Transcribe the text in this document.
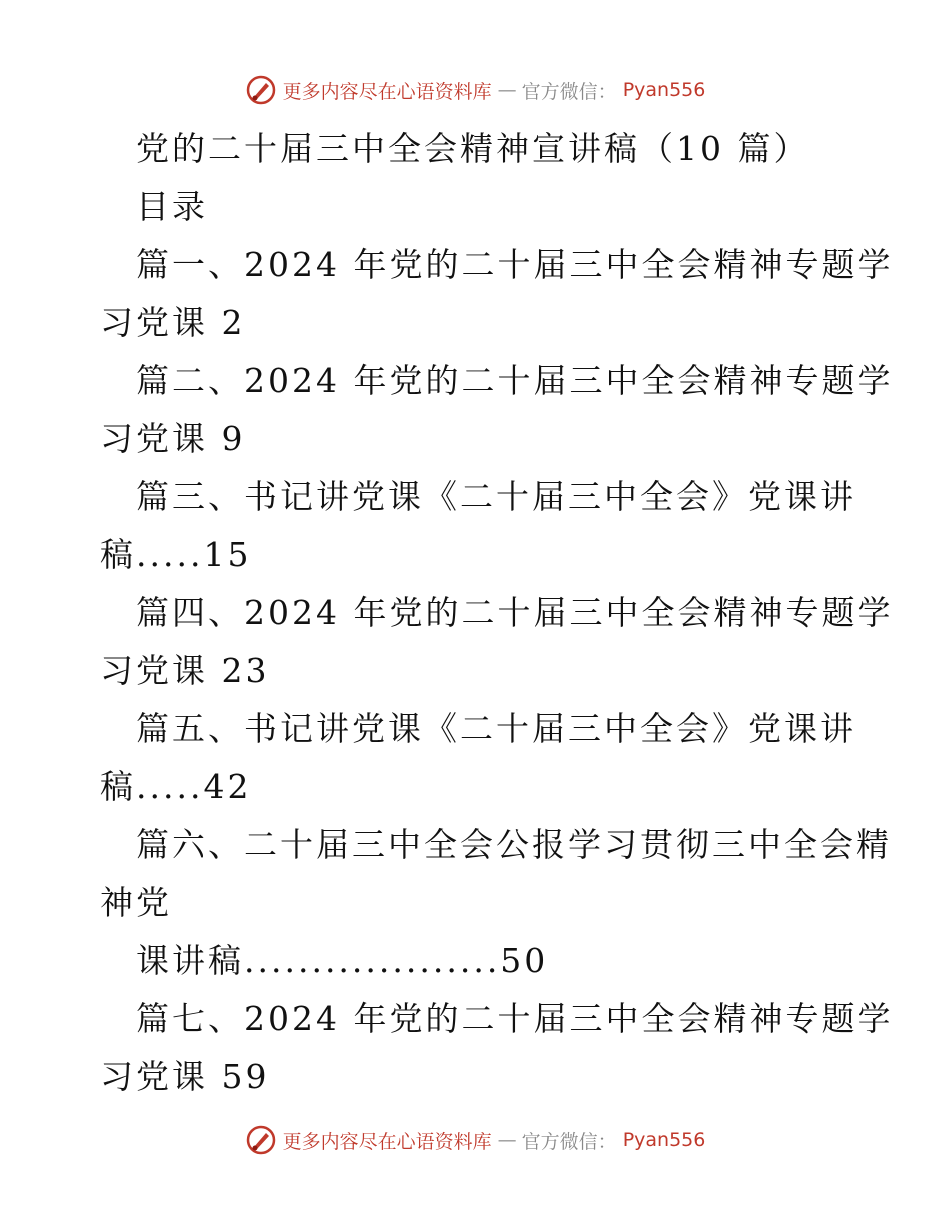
更多内容尽在心语资料库 — 官方微信： Pyan556
党的二十届三中全会精神宣讲稿（10 篇）
目录
篇一、2024 年党的二十届三中全会精神专题学
习党课 2
篇二、2024 年党的二十届三中全会精神专题学
习党课 9
篇三、书记讲党课《二十届三中全会》党课讲
稿.....15
篇四、2024 年党的二十届三中全会精神专题学
习党课 23
篇五、书记讲党课《二十届三中全会》党课讲
稿.....42
篇六、二十届三中全会公报学习贯彻三中全会精
神党
课讲稿...................50
篇七、2024 年党的二十届三中全会精神专题学
习党课 59
更多内容尽在心语资料库 — 官方微信： Pyan556
